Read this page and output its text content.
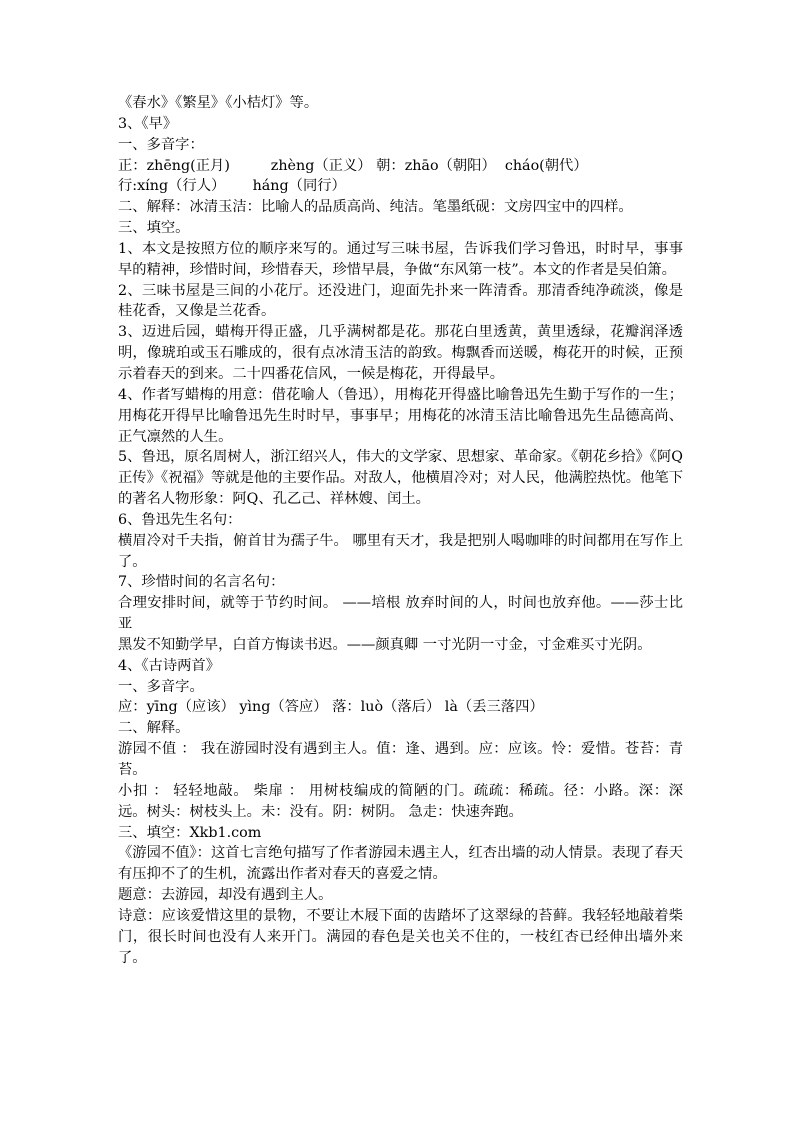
《春水》《繁星》《小桔灯》等。
3、《早》
一、多音字：
正：zhēng(正月)         zhèng（正义） 朝：zhāo（朝阳）  cháo(朝代）
行:xíng（行人）      háng（同行）
二、解释：冰清玉洁：比喻人的品质高尚、纯洁。笔墨纸砚：文房四宝中的四样。
三、填空。

1、本文是按照方位的顺序来写的。通过写三味书屋，告诉我们学习鲁迅，时时早，事事早的精神，珍惜时间，珍惜春天，珍惜早晨，争做“东风第一枝”。本文的作者是吴伯箫。

2、三味书屋是三间的小花厅。还没进门，迎面先扑来一阵清香。那清香纯净疏淡，像是桂花香，又像是兰花香。

3、迈进后园，蜡梅开得正盛，几乎满树都是花。那花白里透黄，黄里透绿，花瓣润泽透明，像琥珀或玉石雕成的，很有点冰清玉洁的韵致。梅飘香而送暖，梅花开的时候，正预示着春天的到来。二十四番花信风，一候是梅花，开得最早。

4、作者写蜡梅的用意：借花喻人（鲁迅），用梅花开得盛比喻鲁迅先生勤于写作的一生；用梅花开得早比喻鲁迅先生时时早，事事早；用梅花的冰清玉洁比喻鲁迅先生品德高尚、正气凛然的人生。

5、鲁迅，原名周树人，浙江绍兴人，伟大的文学家、思想家、革命家。《朝花乡拾》《阿Q正传》《祝福》等就是他的主要作品。对敌人，他横眉冷对；对人民，他满腔热忱。他笔下的著名人物形象：阿Q、孔乙己、祥林嫂、闰土。

6、鲁迅先生名句：

横眉冷对千夫指，俯首甘为孺子牛。 哪里有天才，我是把别人喝咖啡的时间都用在写作上了。

7、珍惜时间的名言名句：

合理安排时间，就等于节约时间。 ——培根 放弃时间的人，时间也放弃他。——莎士比亚

黑发不知勤学早，白首方悔读书迟。——颜真卿 一寸光阴一寸金，寸金难买寸光阴。

4、《古诗两首》

一、多音字。

应：yīng（应该） yìng（答应） 落：luò（落后） là（丢三落四）

二、解释。

游园不值 ： 我在游园时没有遇到主人。值：逢、遇到。应：应该。怜：爱惜。苍苔：青苔。

小扣 ： 轻轻地敲。 柴扉 ： 用树枝编成的简陋的门。疏疏：稀疏。径：小路。深：深远。树头：树枝头上。未：没有。阴：树阴。 急走：快速奔跑。

三、填空：Xkb1.com

《游园不值》：这首七言绝句描写了作者游园未遇主人，红杏出墙的动人情景。表现了春天有压抑不了的生机，流露出作者对春天的喜爱之情。

题意：去游园，却没有遇到主人。

诗意：应该爱惜这里的景物，不要让木屐下面的齿踏坏了这翠绿的苔藓。我轻轻地敲着柴门，很长时间也没有人来开门。满园的春色是关也关不住的，一枝红杏已经伸出墙外来了。
